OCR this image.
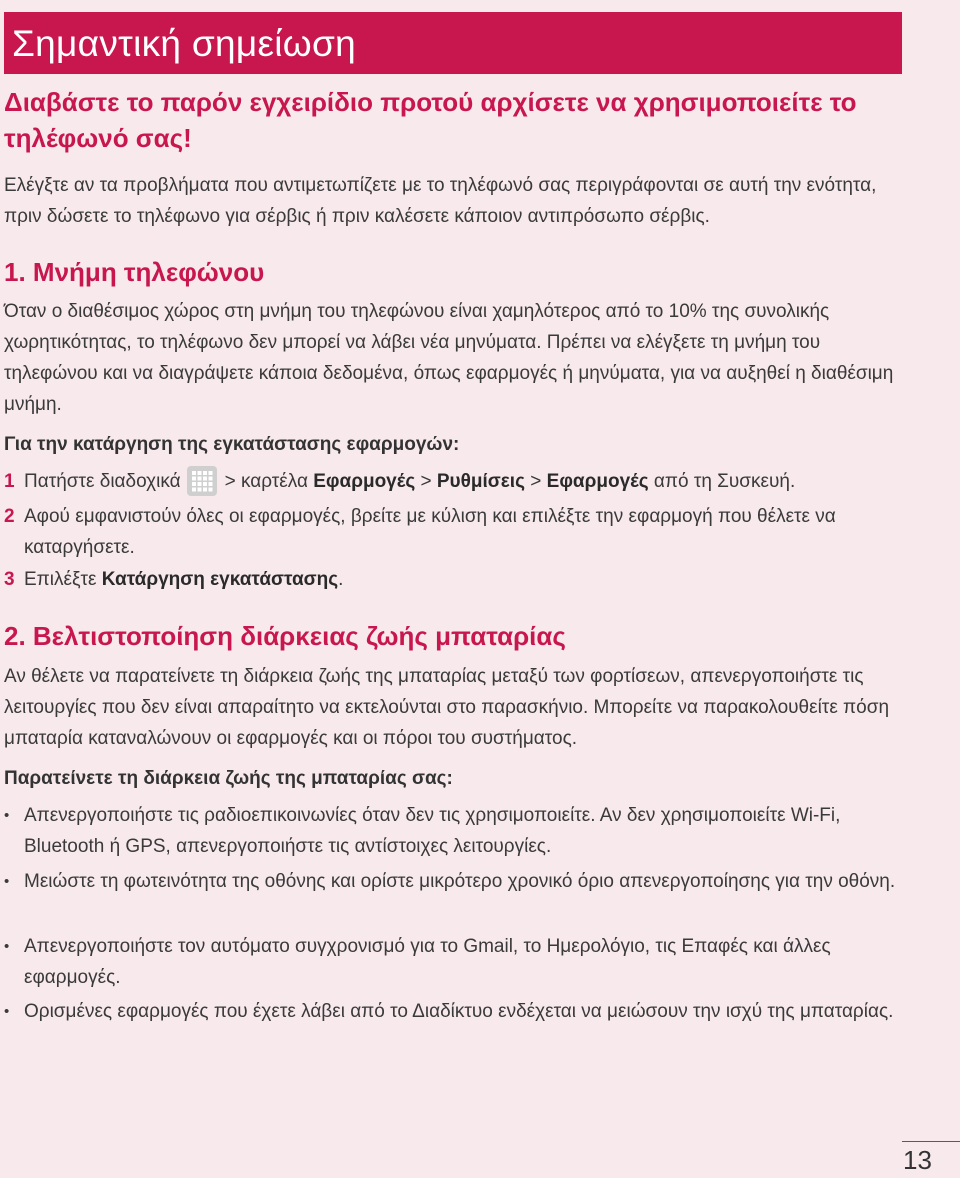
Σημαντική σημείωση
Διαβάστε το παρόν εγχειρίδιο προτού αρχίσετε να χρησιμοποιείτε το τηλέφωνό σας!
Ελέγξτε αν τα προβλήματα που αντιμετωπίζετε με το τηλέφωνό σας περιγράφονται σε αυτή την ενότητα, πριν δώσετε το τηλέφωνο για σέρβις ή πριν καλέσετε κάποιον αντιπρόσωπο σέρβις.
1. Μνήμη τηλεφώνου
Όταν ο διαθέσιμος χώρος στη μνήμη του τηλεφώνου είναι χαμηλότερος από το 10% της συνολικής χωρητικότητας, το τηλέφωνο δεν μπορεί να λάβει νέα μηνύματα. Πρέπει να ελέγξετε τη μνήμη του τηλεφώνου και να διαγράψετε κάποια δεδομένα, όπως εφαρμογές ή μηνύματα, για να αυξηθεί η διαθέσιμη μνήμη.
Για την κατάργηση της εγκατάστασης εφαρμογών:
1 Πατήστε διαδοχικά > καρτέλα Εφαρμογές > Ρυθμίσεις > Εφαρμογές από τη Συσκευή.
2 Αφού εμφανιστούν όλες οι εφαρμογές, βρείτε με κύλιση και επιλέξτε την εφαρμογή που θέλετε να καταργήσετε.
3 Επιλέξτε Κατάργηση εγκατάστασης.
2. Βελτιστοποίηση διάρκειας ζωής μπαταρίας
Αν θέλετε να παρατείνετε τη διάρκεια ζωής της μπαταρίας μεταξύ των φορτίσεων, απενεργοποιήστε τις λειτουργίες που δεν είναι απαραίτητο να εκτελούνται στο παρασκήνιο. Μπορείτε να παρακολουθείτε πόση μπαταρία καταναλώνουν οι εφαρμογές και οι πόροι του συστήματος.
Παρατείνετε τη διάρκεια ζωής της μπαταρίας σας:
• Απενεργοποιήστε τις ραδιοεπικοινωνίες όταν δεν τις χρησιμοποιείτε. Αν δεν χρησιμοποιείτε Wi-Fi, Bluetooth ή GPS, απενεργοποιήστε τις αντίστοιχες λειτουργίες.
• Μειώστε τη φωτεινότητα της οθόνης και ορίστε μικρότερο χρονικό όριο απενεργοποίησης για την οθόνη.
• Απενεργοποιήστε τον αυτόματο συγχρονισμό για το Gmail, το Ημερολόγιο, τις Επαφές και άλλες εφαρμογές.
• Ορισμένες εφαρμογές που έχετε λάβει από το Διαδίκτυο ενδέχεται να μειώσουν την ισχύ της μπαταρίας.
13
